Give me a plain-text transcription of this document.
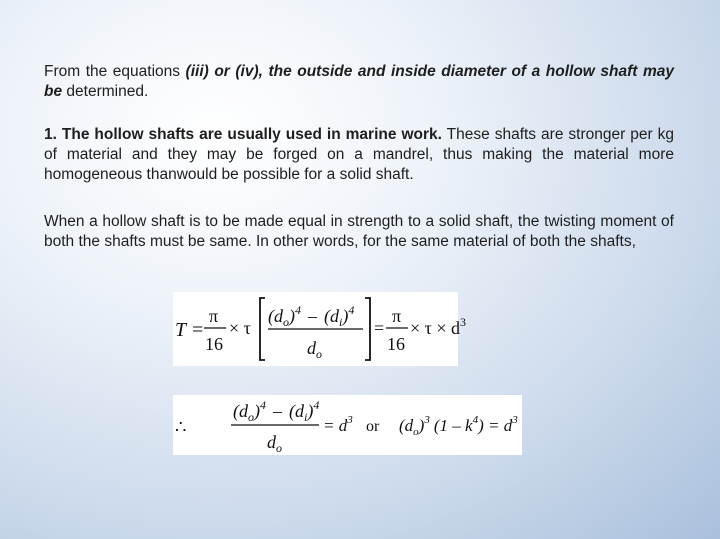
From the equations (iii) or (iv), the outside and inside diameter of a hollow shaft may be determined.

1. The hollow shafts are usually used in marine work. These shafts are stronger per kg of material and they may be forged on a mandrel, thus making the material more homogeneous thanwould be possible for a solid shaft.

When a hollow shaft is to be made equal in strength to a solid shaft, the twisting moment of both the shafts must be same. In other words, for the same material of both the shafts,

T =
π
16
× τ
$(d_o)^4 - (d_i)^4$
$d_o$
=
π
16
× $\tau \times d^3$
∴
$(d_o)^4 - (d_i)^4$
$d_o$
= $d^3$ or $(d_o)^3$ $(1 - k^4) = d^3$
